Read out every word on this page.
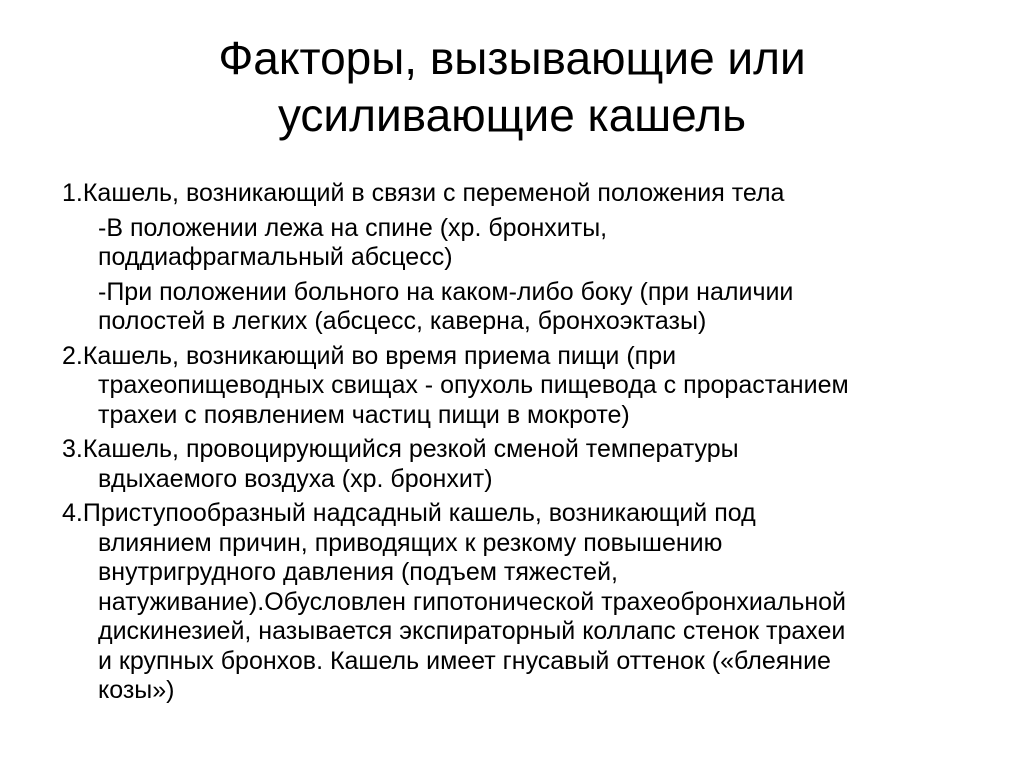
Факторы, вызывающие или
усиливающие кашель
1.Кашель, возникающий в связи с переменой положения тела
-В положении лежа на спине (хр. бронхиты,
поддиафрагмальный абсцесс)
-При положении больного на каком-либо боку (при наличии
полостей в легких (абсцесс, каверна, бронхоэктазы)
2.Кашель, возникающий во время приема пищи (при
трахеопищеводных свищах - опухоль пищевода с прорастанием
трахеи с появлением частиц пищи в мокроте)
3.Кашель, провоцирующийся резкой сменой температуры
вдыхаемого воздуха (хр. бронхит)
4.Приступообразный надсадный кашель, возникающий под
влиянием причин, приводящих к резкому повышению
внутригрудного давления (подъем тяжестей,
натуживание).Обусловлен гипотонической трахеобронхиальной
дискинезией, называется экспираторный коллапс стенок трахеи
и крупных бронхов. Кашель имеет гнусавый оттенок («блеяние
козы»)
